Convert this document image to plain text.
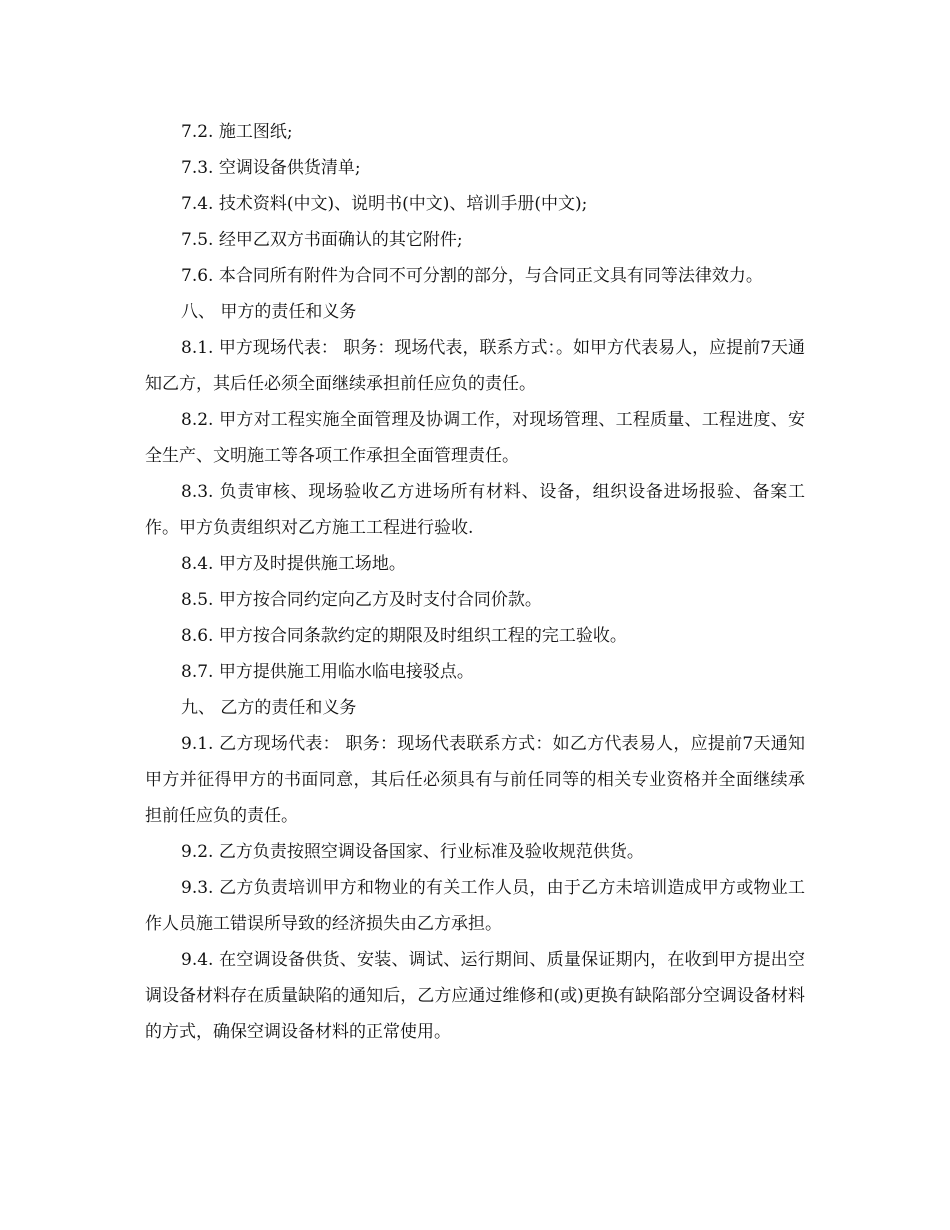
7.2. 施工图纸;

7.3. 空调设备供货清单;

7.4. 技术资料(中文)、说明书(中文)、培训手册(中文);

7.5. 经甲乙双方书面确认的其它附件;

7.6. 本合同所有附件为合同不可分割的部分，与合同正文具有同等法律效力。

八、 甲方的责任和义务

8.1. 甲方现场代表： 职务：现场代表，联系方式：。如甲方代表易人，应提前7天通知乙方，其后任必须全面继续承担前任应负的责任。

8.2. 甲方对工程实施全面管理及协调工作，对现场管理、工程质量、工程进度、安全生产、文明施工等各项工作承担全面管理责任。

8.3. 负责审核、现场验收乙方进场所有材料、设备，组织设备进场报验、备案工作。甲方负责组织对乙方施工工程进行验收.

8.4. 甲方及时提供施工场地。

8.5. 甲方按合同约定向乙方及时支付合同价款。

8.6. 甲方按合同条款约定的期限及时组织工程的完工验收。

8.7. 甲方提供施工用临水临电接驳点。

九、 乙方的责任和义务

9.1. 乙方现场代表： 职务：现场代表联系方式：如乙方代表易人，应提前7天通知甲方并征得甲方的书面同意，其后任必须具有与前任同等的相关专业资格并全面继续承担前任应负的责任。

9.2. 乙方负责按照空调设备国家、行业标准及验收规范供货。

9.3. 乙方负责培训甲方和物业的有关工作人员，由于乙方未培训造成甲方或物业工作人员施工错误所导致的经济损失由乙方承担。

9.4. 在空调设备供货、安装、调试、运行期间、质量保证期内，在收到甲方提出空调设备材料存在质量缺陷的通知后，乙方应通过维修和(或)更换有缺陷部分空调设备材料的方式，确保空调设备材料的正常使用。
